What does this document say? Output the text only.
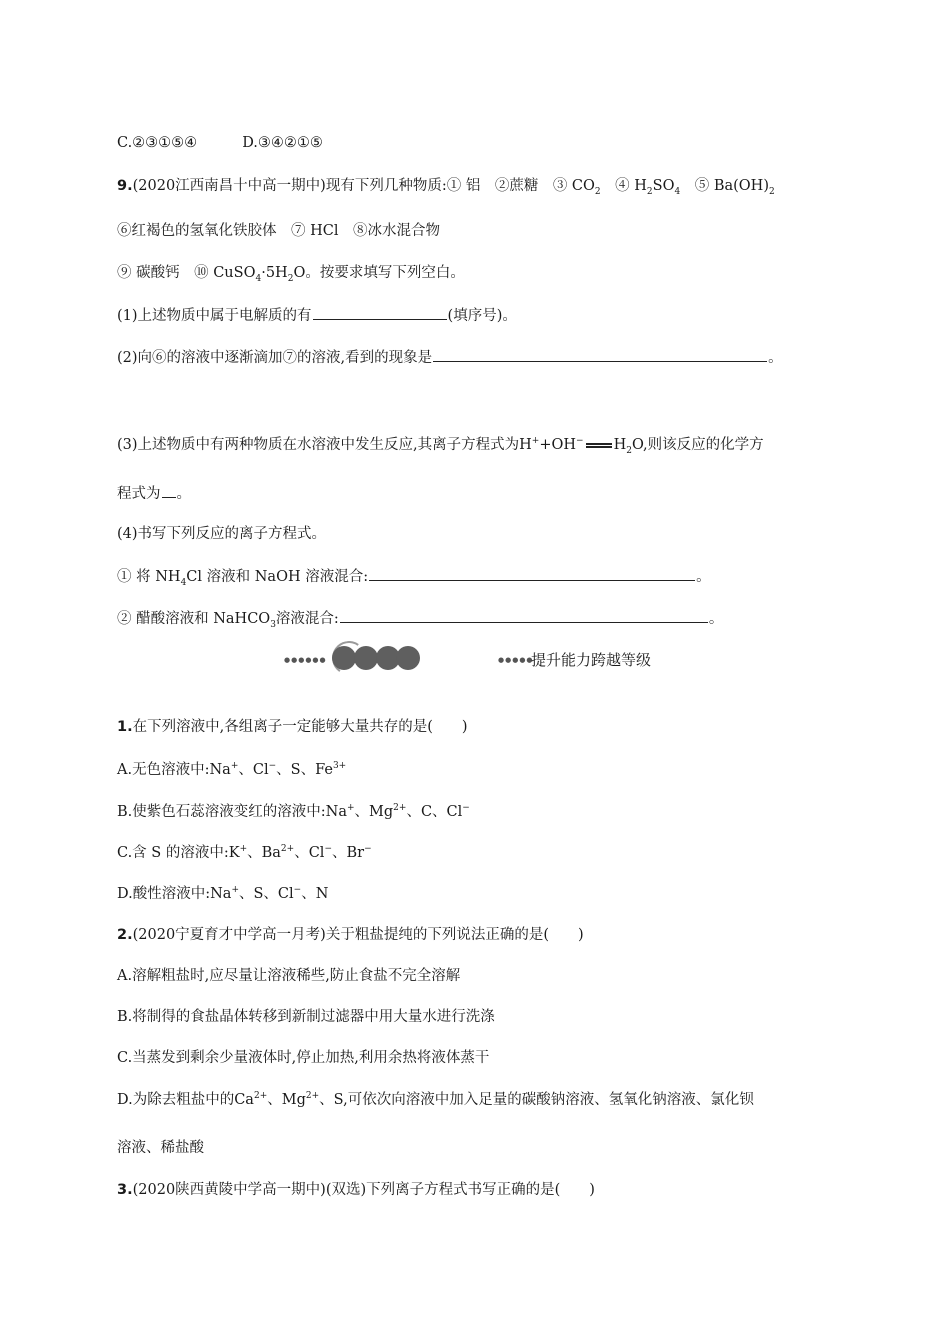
C.②③①⑤④	D.③④②①⑤
9.(2020江西南昌十中高一期中)现有下列几种物质:① 铝　②蔗糖　③ $CO_2$　④ $H_2SO_4$　⑤ $Ba(OH)_2$
⑥红褐色的氢氧化铁胶体　⑦ HCl　⑧冰水混合物
⑨ 碳酸钙　⑩ $CuSO_4\cdot 5H_2O$。按要求填写下列空白。
(1)上述物质中属于电解质的有	(填序号)。
(2)向⑥的溶液中逐渐滴加⑦的溶液,看到的现象是	。
(3)上述物质中有两种物质在水溶液中发生反应,其离子方程式为H++OH− $H_2O$,则该反应的化学方
程式为 。
(4)书写下列反应的离子方程式。
① 将 $NH_4Cl$ 溶液和 NaOH 溶液混合:	。
② 醋酸溶液和 NaHCO$_3$溶液混合:	。
●●●●●●	●●●●●
提升能力跨越等级
1.在下列溶液中,各组离子一定能够大量共存的是(　　)
A.无色溶液中:Na+、Cl−、S、$Fe^{3+}$
B.使紫色石蕊溶液变红的溶液中:Na+、$Mg^{2+}$、C、Cl−
C.含 S 的溶液中:K+、$Ba^{2+}$、Cl−、Br−
D.酸性溶液中:Na+、S、Cl−、N
2.(2020宁夏育才中学高一月考)关于粗盐提纯的下列说法正确的是(　　)
A.溶解粗盐时,应尽量让溶液稀些,防止食盐不完全溶解
B.将制得的食盐晶体转移到新制过滤器中用大量水进行洗涤
C.当蒸发到剩余少量液体时,停止加热,利用余热将液体蒸干
D.为除去粗盐中的$Ca^{2+}$、$Mg^{2+}$、S,可依次向溶液中加入足量的碳酸钠溶液、氢氧化钠溶液、氯化钡
溶液、稀盐酸
3.(2020陕西黄陵中学高一期中)(双选)下列离子方程式书写正确的是(　　)
